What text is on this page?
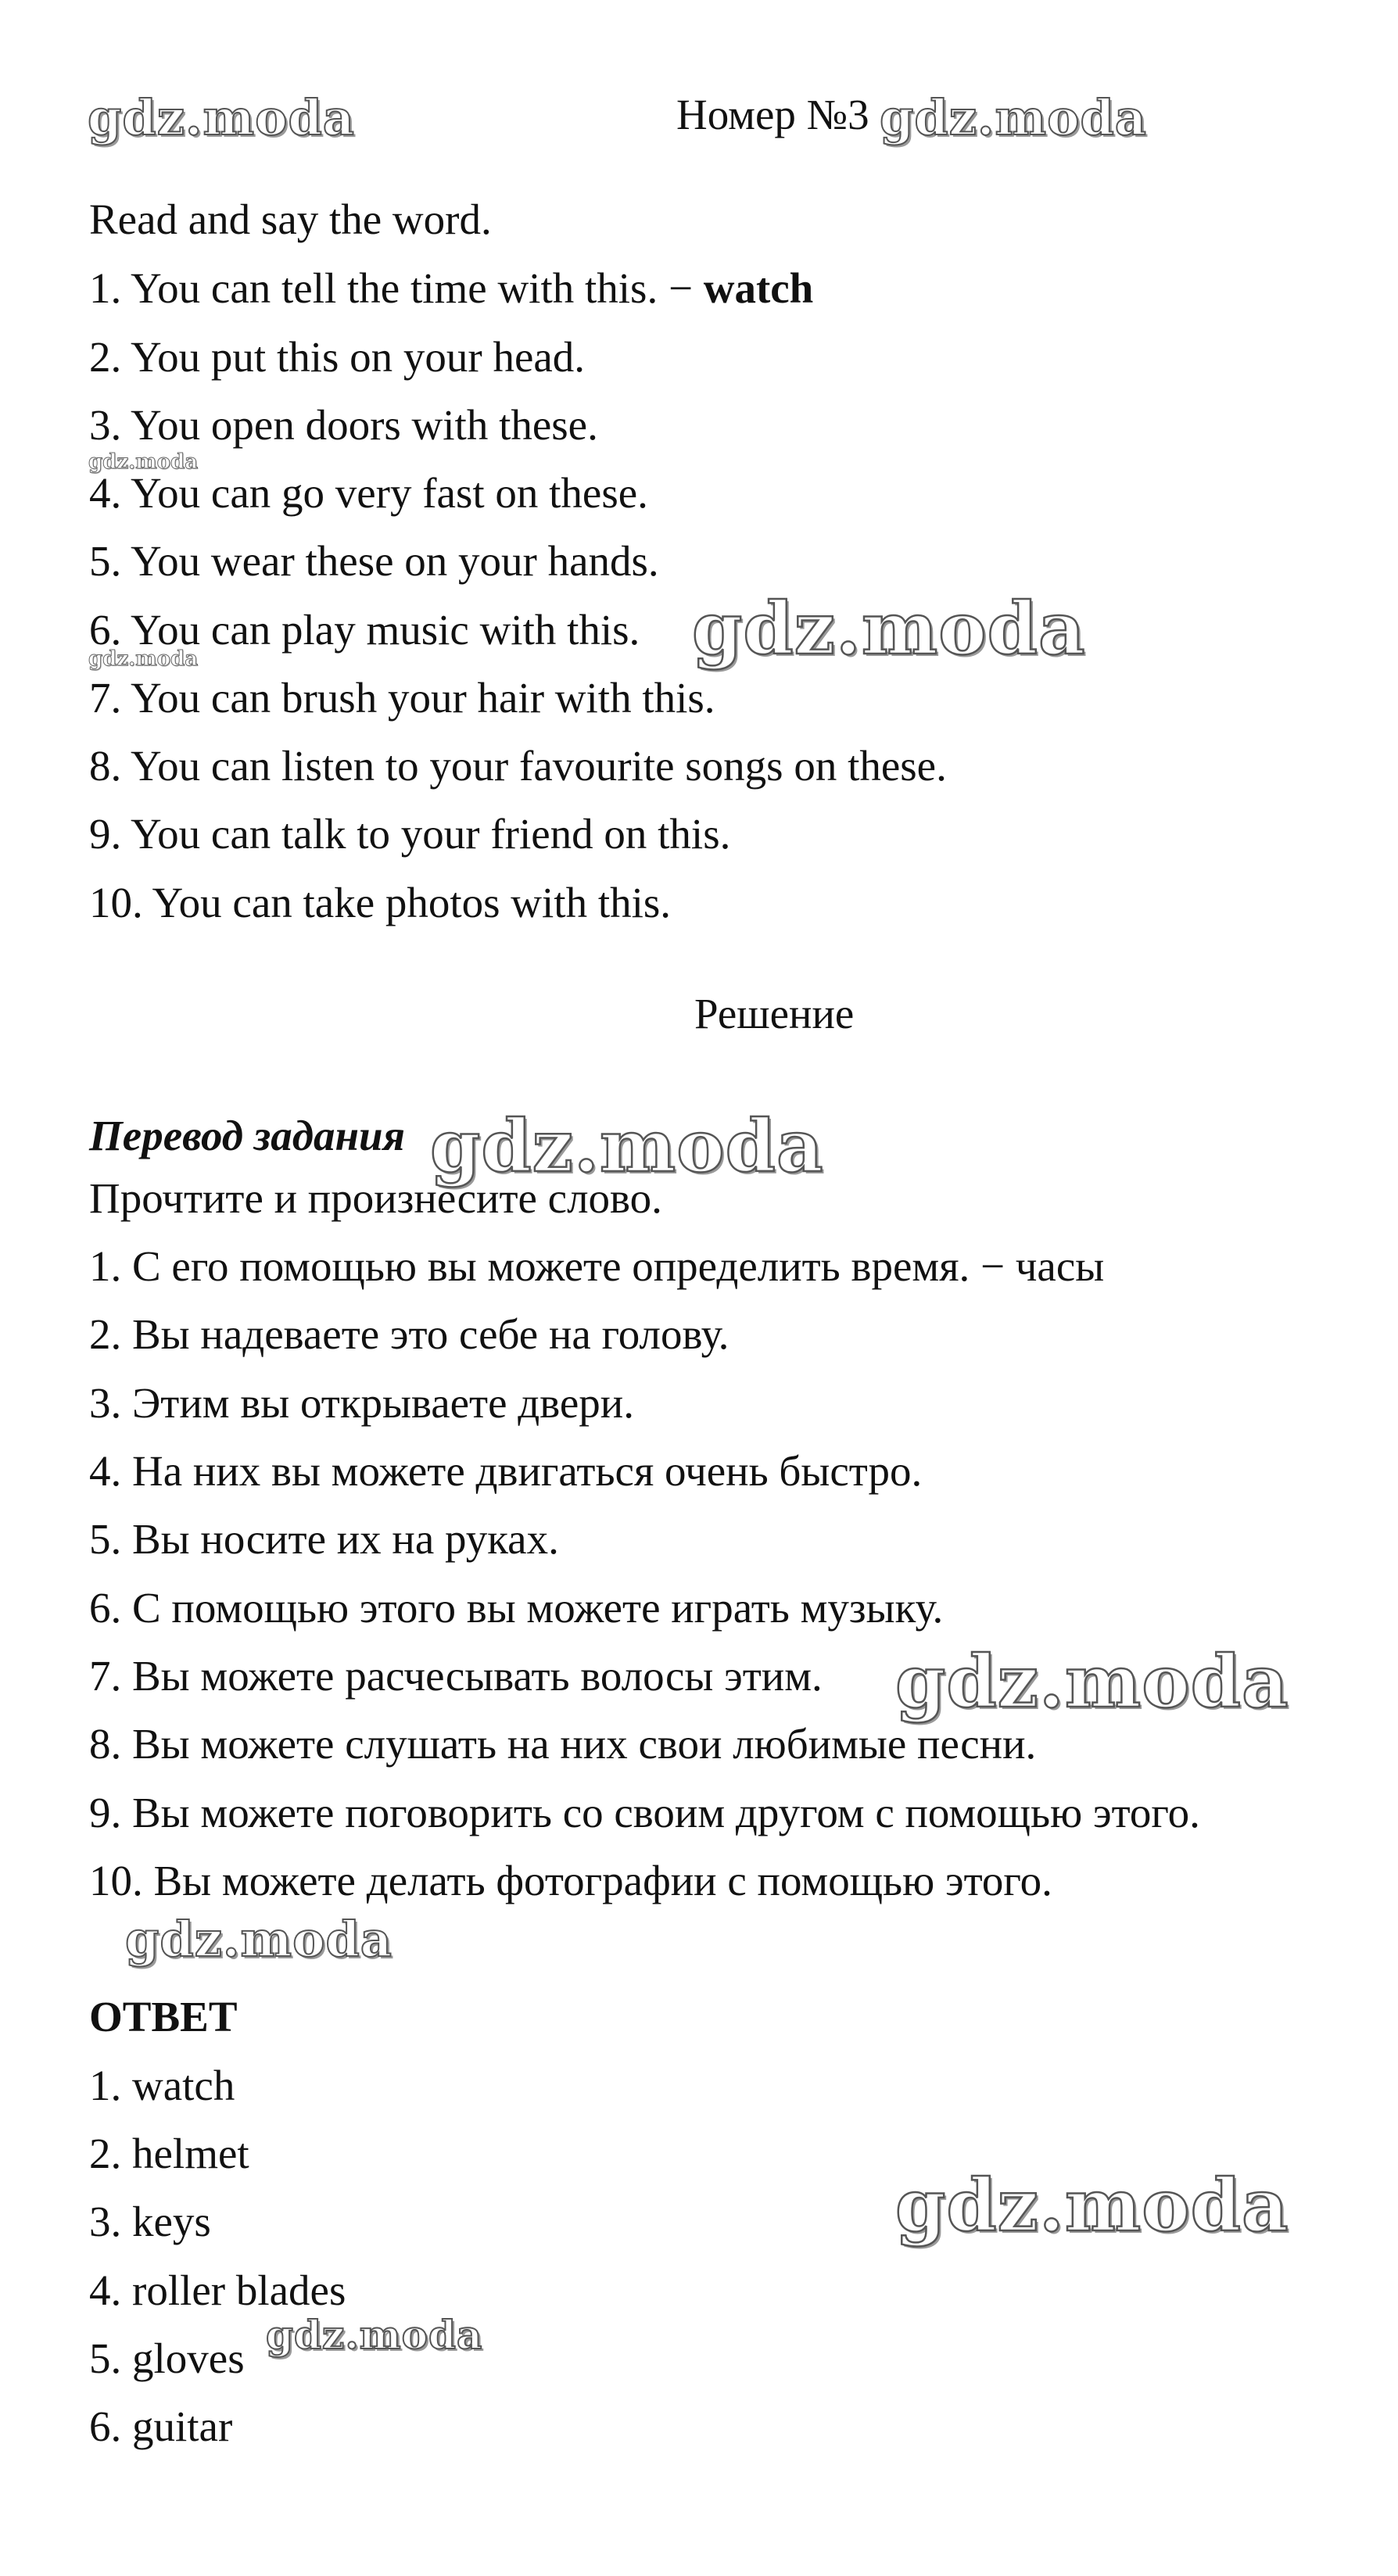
gdz.moda	gdz.moda
gdz.moda
gdz.moda
gdz.moda
gdz.moda
gdz.moda
gdz.moda
gdz.moda
gdz.moda
Номер №3
Read and say the word.
1. You can tell the time with this. − watch
2. You put this on your head.
3. You open doors with these.
4. You can go very fast on these.
5. You wear these on your hands.
6. You can play music with this.
7. You can brush your hair with this.
8. You can listen to your favourite songs on these.
9. You can talk to your friend on this.
10. You can take photos with this.
Решение
Перевод задания
Прочтите и произнесите слово.
1. С его помощью вы можете определить время. − часы
2. Вы надеваете это себе на голову.
3. Этим вы открываете двери.
4. На них вы можете двигаться очень быстро.
5. Вы носите их на руках.
6. С помощью этого вы можете играть музыку.
7. Вы можете расчесывать волосы этим.
8. Вы можете слушать на них свои любимые песни.
9. Вы можете поговорить со своим другом с помощью этого.
10. Вы можете делать фотографии с помощью этого.
ОТВЕТ
1. watch
2. helmet
3. keys
4. roller blades
5. gloves
6. guitar
